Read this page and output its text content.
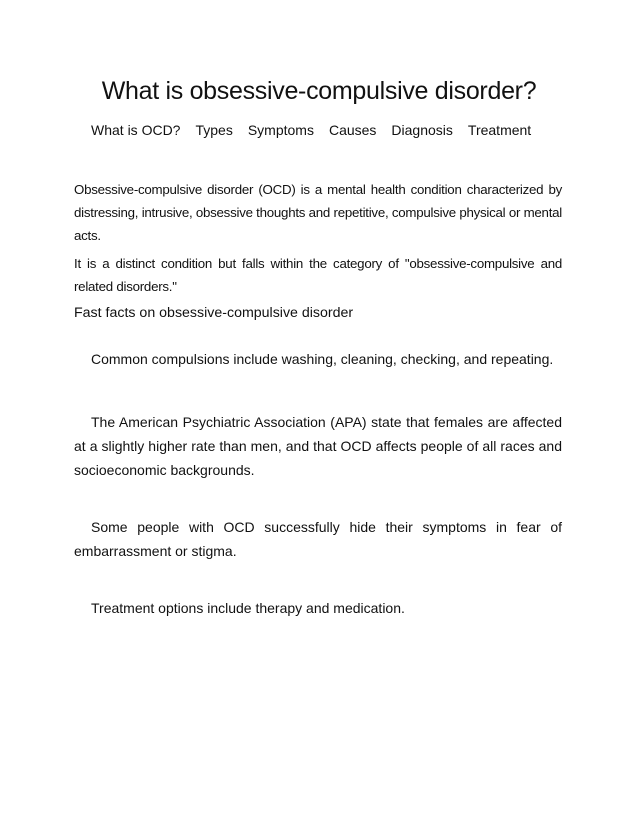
What is obsessive-compulsive disorder?
What is OCD? Types Symptoms Causes Diagnosis Treatment

Obsessive-compulsive disorder (OCD) is a mental health condition characterized by distressing, intrusive, obsessive thoughts and repetitive, compulsive physical or mental acts.

It is a distinct condition but falls within the category of "obsessive-compulsive and related disorders."

Fast facts on obsessive-compulsive disorder

Common compulsions include washing, cleaning, checking, and repeating.

The American Psychiatric Association (APA) state that females are affected at a slightly higher rate than men, and that OCD affects people of all races and socioeconomic backgrounds.

Some people with OCD successfully hide their symptoms in fear of embarrassment or stigma.

Treatment options include therapy and medication.
